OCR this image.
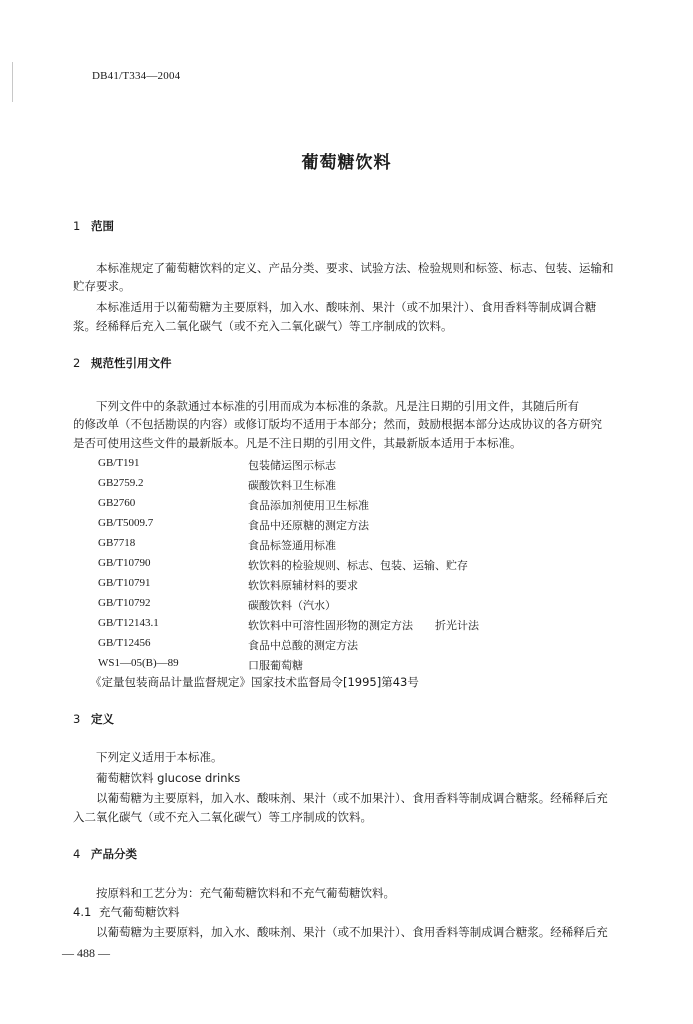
DB41/T334—2004
葡萄糖饮料
1 范围
本标准规定了葡萄糖饮料的定义、产品分类、要求、试验方法、检验规则和标签、标志、包装、运输和
贮存要求。
本标准适用于以葡萄糖为主要原料，加入水、酸味剂、果汁（或不加果汁）、食用香料等制成调合糖
浆。经稀释后充入二氧化碳气（或不充入二氧化碳气）等工序制成的饮料。
2 规范性引用文件
下列文件中的条款通过本标准的引用而成为本标准的条款。凡是注日期的引用文件，其随后所有
的修改单（不包括勘误的内容）或修订版均不适用于本部分；然而，鼓励根据本部分达成协议的各方研究
是否可使用这些文件的最新版本。凡是不注日期的引用文件，其最新版本适用于本标准。
GB/T191	包装储运图示标志
GB2759.2	碳酸饮料卫生标准
GB2760	食品添加剂使用卫生标准
GB/T5009.7	食品中还原糖的测定方法
GB7718	食品标签通用标准
GB/T10790	软饮料的检验规则、标志、包装、运输、贮存
GB/T10791	软饮料原辅材料的要求
GB/T10792	碳酸饮料（汽水）
GB/T12143.1	软饮料中可溶性固形物的测定方法　　折光计法
GB/T12456	食品中总酸的测定方法
WS1—05(B)—89	口服葡萄糖
《定量包装商品计量监督规定》国家技术监督局令[1995]第43号
3 定义
下列定义适用于本标准。
葡萄糖饮料 glucose drinks
以葡萄糖为主要原料，加入水、酸味剂、果汁（或不加果汁）、食用香料等制成调合糖浆。经稀释后充
入二氧化碳气（或不充入二氧化碳气）等工序制成的饮料。
4 产品分类
按原料和工艺分为：充气葡萄糖饮料和不充气葡萄糖饮料。
4.1 充气葡萄糖饮料
以葡萄糖为主要原料，加入水、酸味剂、果汁（或不加果汁）、食用香料等制成调合糖浆。经稀释后充
— 488 —
